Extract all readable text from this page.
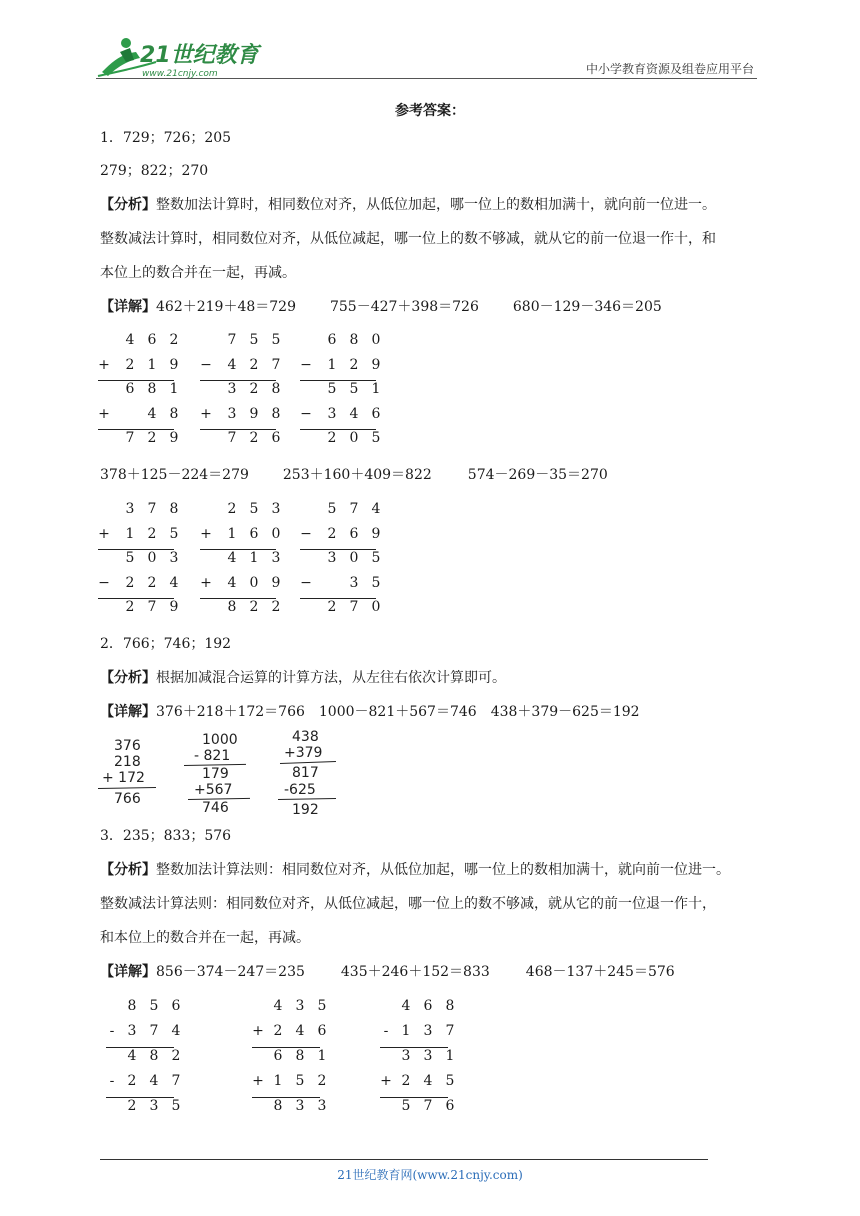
21世纪教育
www.21cnjy.com	中小学教育资源及组卷应用平台
参考答案：
1．729；726；205
279；822；270
【分析】整数加法计算时，相同数位对齐，从低位加起，哪一位上的数相加满十，就向前一位进一。
整数减法计算时，相同数位对齐，从低位减起，哪一位上的数不够减，就从它的前一位退一作十，和
本位上的数合并在一起，再减。
【详解】462＋219＋48＝729 755－427＋398＝726 680－129－346＝205
4 6 2
+ 2 1 9
6 8 1
+	4 8
7 2 9
7 5 5
− 4 2 7
3 2 8
+ 3 9 8
7 2 6
6 8 0
− 1 2 9
5 5 1
− 3 4 6
2 0 5
378＋125－224＝279 253＋160＋409＝822	574－269－35＝270
3 7 8
+ 1 2 5
5 0 3
− 2 2 4
2 7 9
2 5 3
+ 1 6 0
4 1 3
+ 4 0 9
8 2 2
5 7 4
− 2 6 9
3 0 5
−	3 5
2 7 0
2．766；746；192
【分析】根据加减混合运算的计算方法，从左往右依次计算即可。
【详解】376＋218＋172＝766 1000－821＋567＝746 438＋379－625＝192
376
218
+ 172
766
1000
- 821
179
+567
746
438
+379
817
-625
192
3．235；833；576
【分析】整数加法计算法则：相同数位对齐，从低位加起，哪一位上的数相加满十，就向前一位进一。
整数减法计算法则：相同数位对齐，从低位减起，哪一位上的数不够减，就从它的前一位退一作十，
和本位上的数合并在一起，再减。
【详解】856－374－247＝235	435＋246＋152＝833	468－137＋245＝576
8 5 6
- 3 7 4
4 8 2
- 2 4 7
2 3 5
4 3 5
+ 2 4 6
6 8 1
+ 1 5 2
8 3 3
4 6 8
- 1 3 7
3 3 1
+ 2 4 5
5 7 6
21世纪教育网(www.21cnjy.com)
